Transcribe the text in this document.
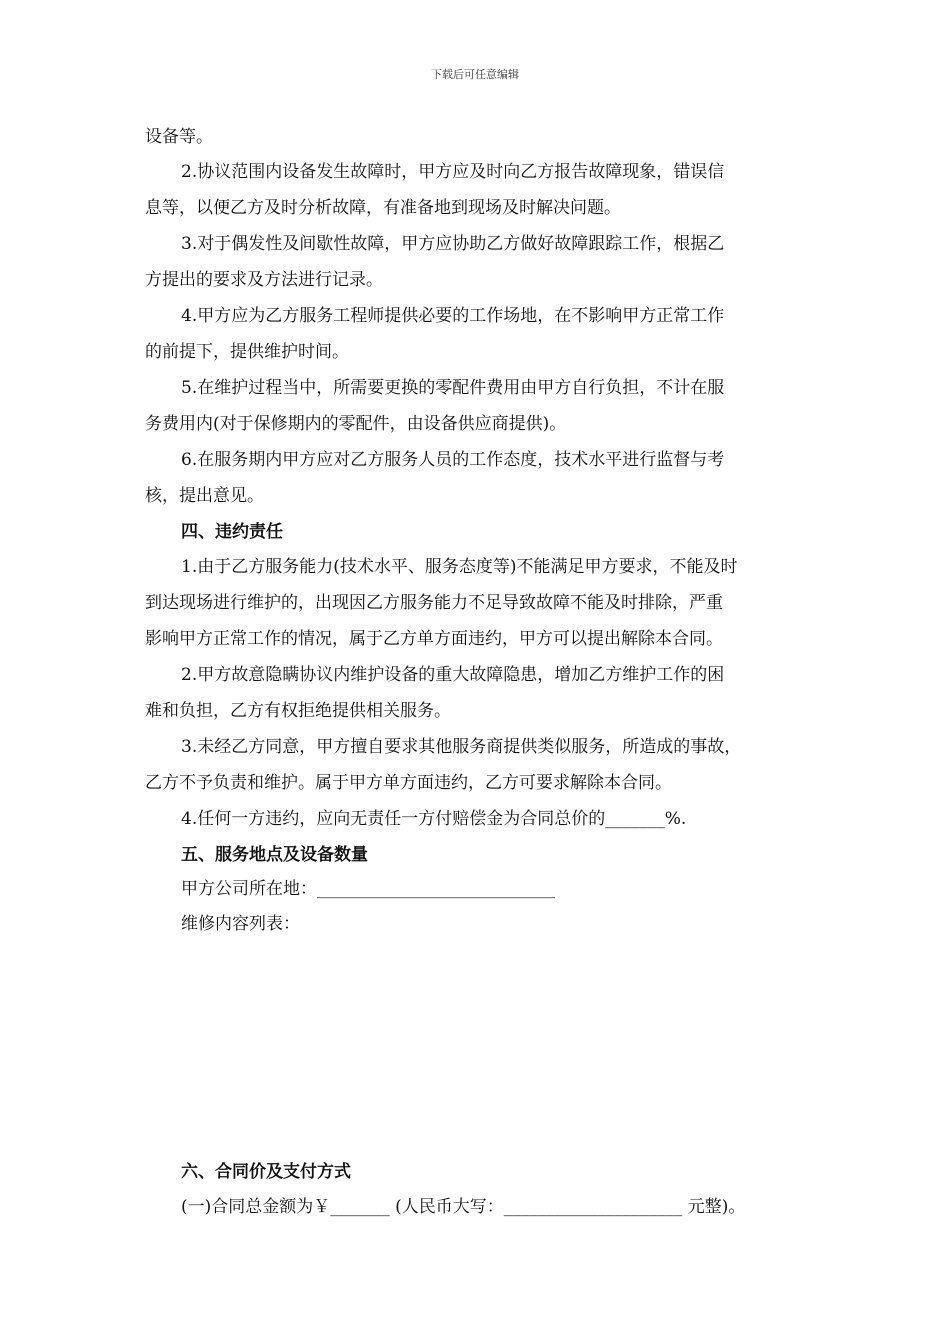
下载后可任意编辑
设备等。
2.协议范围内设备发生故障时，甲方应及时向乙方报告故障现象，错误信
息等，以便乙方及时分析故障，有准备地到现场及时解决问题。
3.对于偶发性及间歇性故障，甲方应协助乙方做好故障跟踪工作，根据乙
方提出的要求及方法进行记录。
4.甲方应为乙方服务工程师提供必要的工作场地，在不影响甲方正常工作
的前提下，提供维护时间。
5.在维护过程当中，所需要更换的零配件费用由甲方自行负担，不计在服
务费用内(对于保修期内的零配件，由设备供应商提供)。
6.在服务期内甲方应对乙方服务人员的工作态度，技术水平进行监督与考
核，提出意见。
四、违约责任
1.由于乙方服务能力(技术水平、服务态度等)不能满足甲方要求，不能及时
到达现场进行维护的，出现因乙方服务能力不足导致故障不能及时排除，严重
影响甲方正常工作的情况，属于乙方单方面违约，甲方可以提出解除本合同。
2.甲方故意隐瞒协议内维护设备的重大故障隐患，增加乙方维护工作的困
难和负担，乙方有权拒绝提供相关服务。
3.未经乙方同意，甲方擅自要求其他服务商提供类似服务，所造成的事故，
乙方不予负责和维护。属于甲方单方面违约，乙方可要求解除本合同。
4.任何一方违约，应向无责任一方付赔偿金为合同总价的_______%.
五、服务地点及设备数量
甲方公司所在地：____________________________
维修内容列表：
六、合同价及支付方式
(一)合同总金额为￥_______ (人民币大写：_____________________ 元整)。
